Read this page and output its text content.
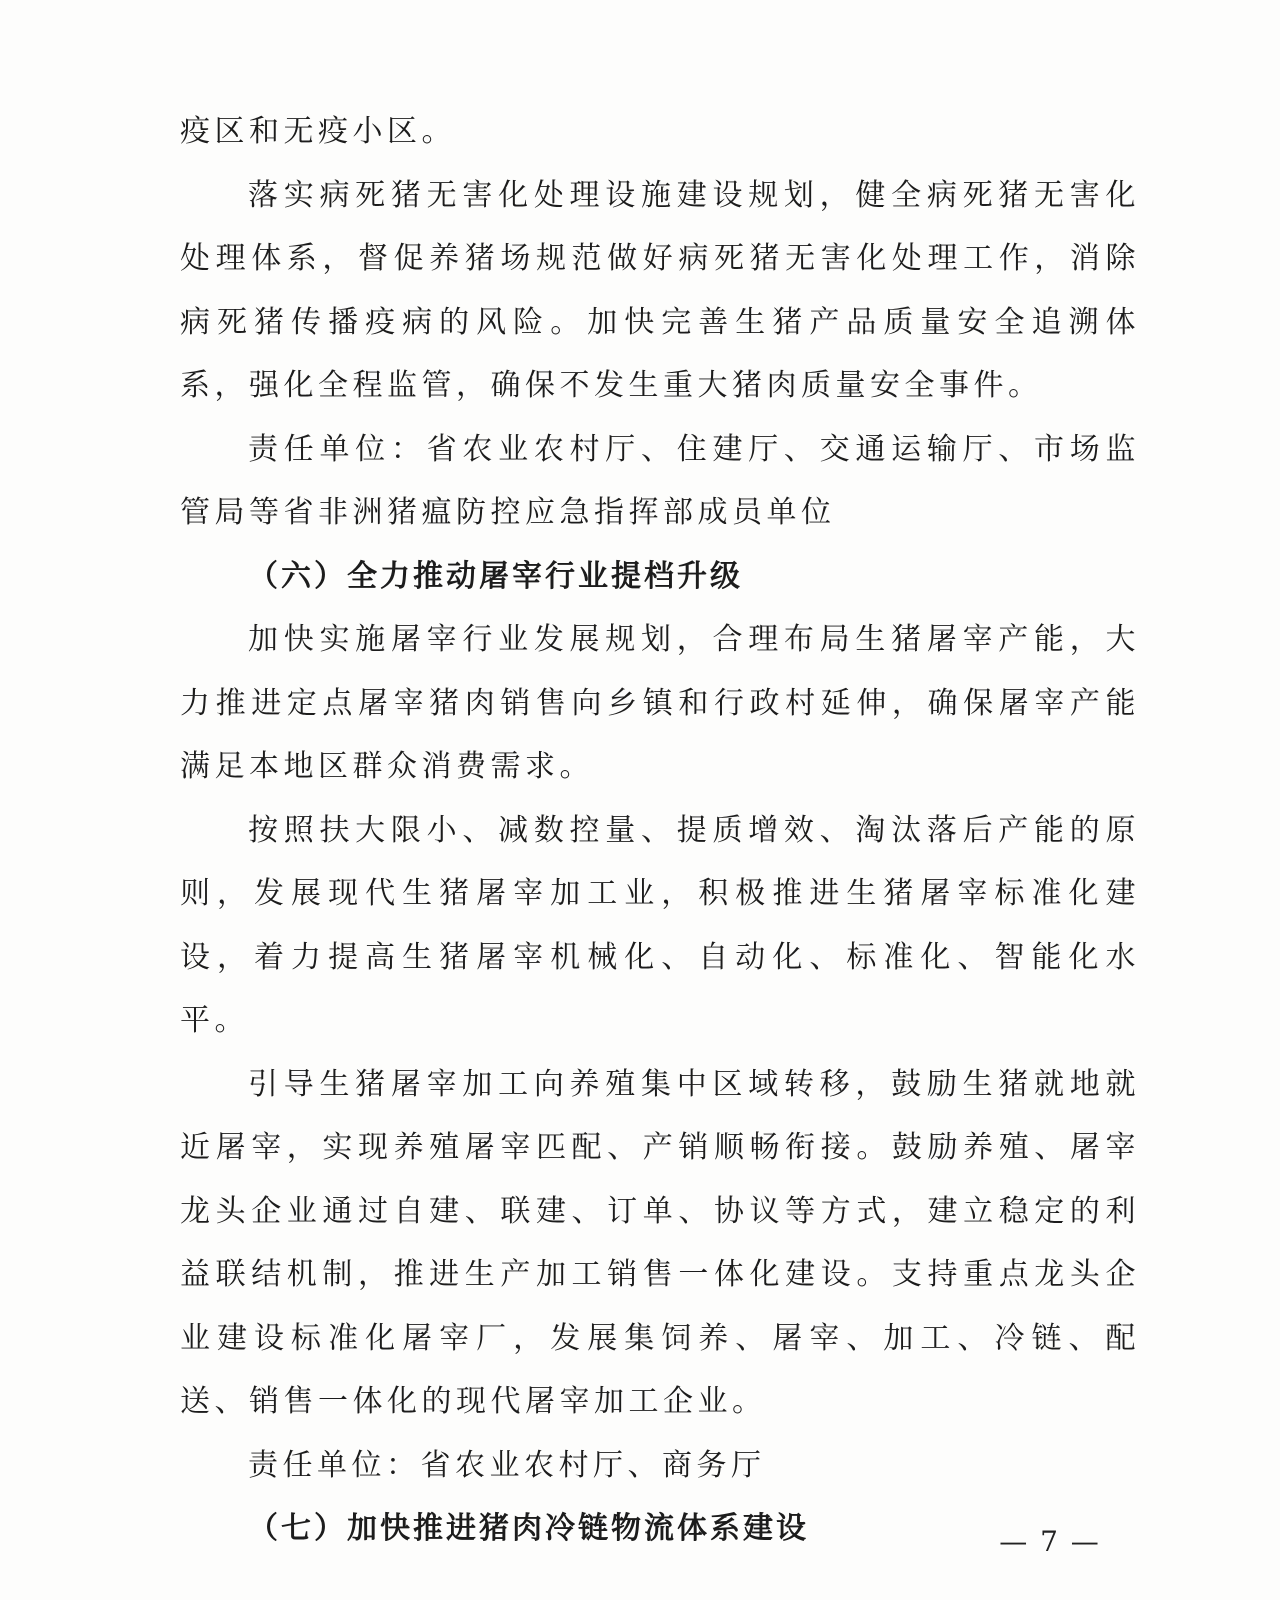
疫区和无疫小区。

落实病死猪无害化处理设施建设规划，健全病死猪无害化处理体系，督促养猪场规范做好病死猪无害化处理工作，消除病死猪传播疫病的风险。加快完善生猪产品质量安全追溯体系，强化全程监管，确保不发生重大猪肉质量安全事件。

责任单位：省农业农村厅、住建厅、交通运输厅、市场监管局等省非洲猪瘟防控应急指挥部成员单位

（六）全力推动屠宰行业提档升级

加快实施屠宰行业发展规划，合理布局生猪屠宰产能，大力推进定点屠宰猪肉销售向乡镇和行政村延伸，确保屠宰产能满足本地区群众消费需求。

按照扶大限小、减数控量、提质增效、淘汰落后产能的原则，发展现代生猪屠宰加工业，积极推进生猪屠宰标准化建设，着力提高生猪屠宰机械化、自动化、标准化、智能化水平。

引导生猪屠宰加工向养殖集中区域转移，鼓励生猪就地就近屠宰，实现养殖屠宰匹配、产销顺畅衔接。鼓励养殖、屠宰龙头企业通过自建、联建、订单、协议等方式，建立稳定的利益联结机制，推进生产加工销售一体化建设。支持重点龙头企业建设标准化屠宰厂，发展集饲养、屠宰、加工、冷链、配送、销售一体化的现代屠宰加工企业。

责任单位：省农业农村厅、商务厅

（七）加快推进猪肉冷链物流体系建设	— 7 —
